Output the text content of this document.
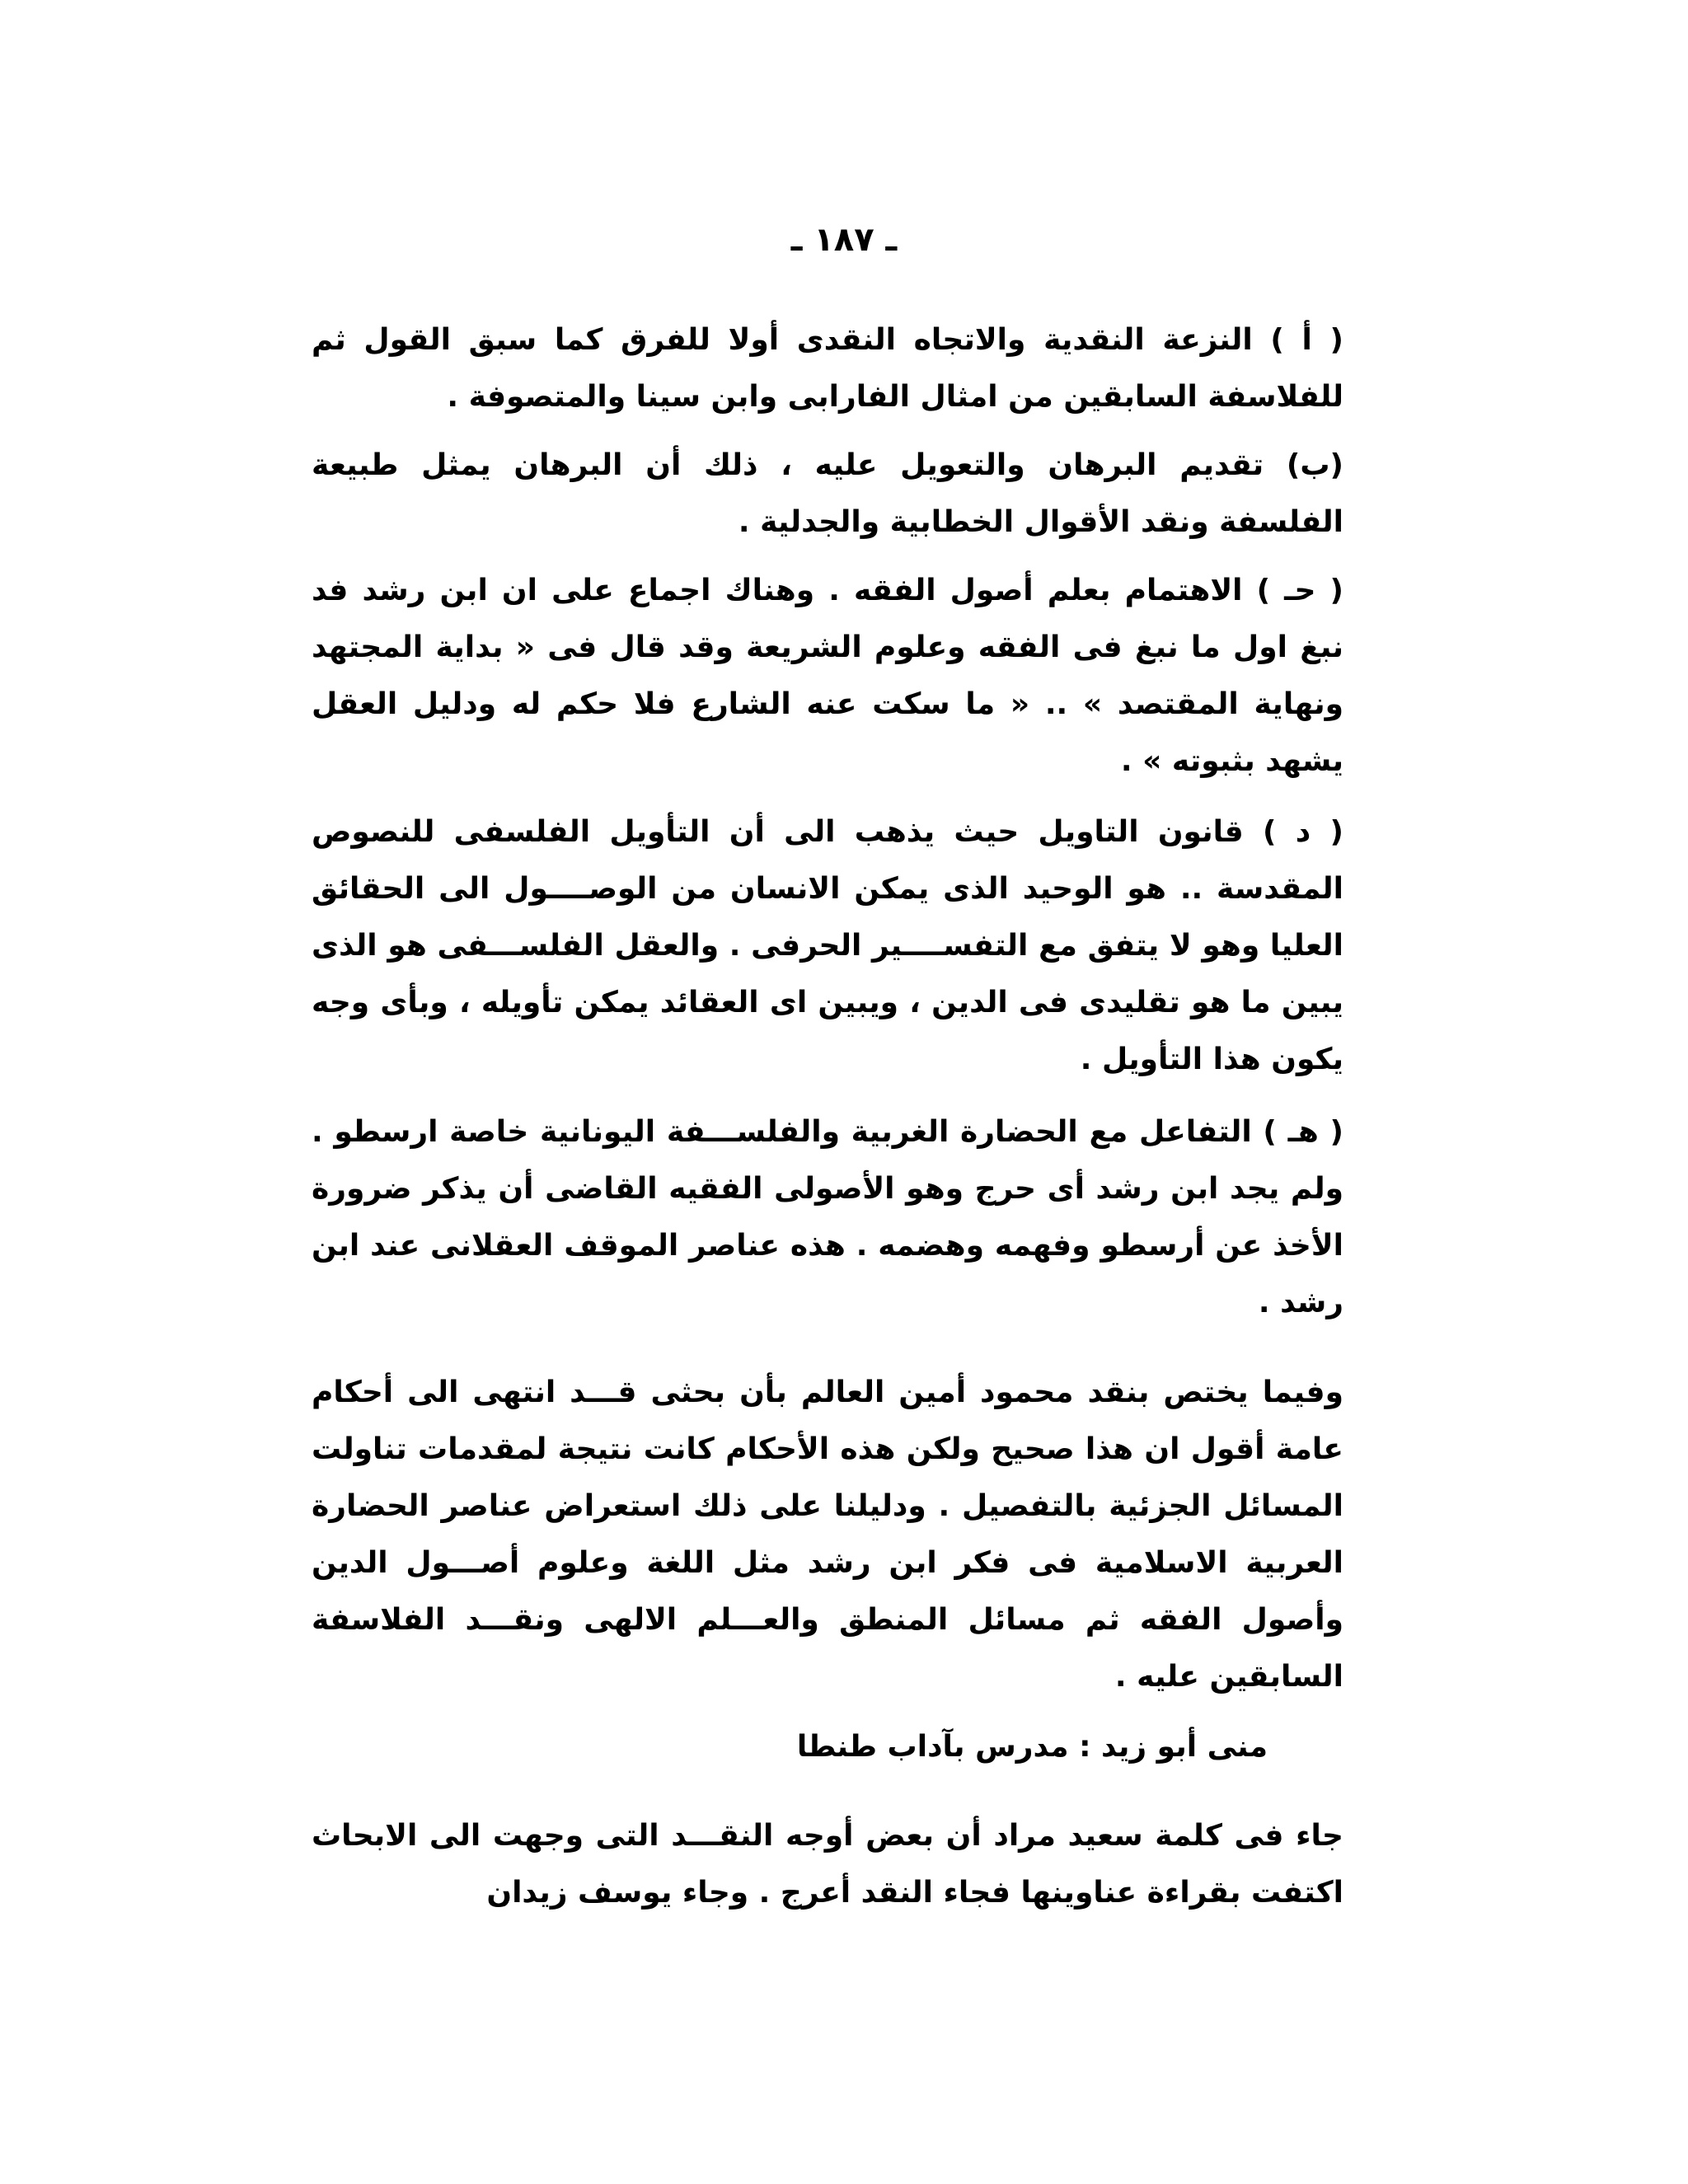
ـ ١٨٧ ـ

( أ ) النزعة النقدية والاتجاه النقدى أولا للفرق كما سبق القول ثم للفلاسفة السابقين من امثال الفارابى وابن سينا والمتصوفة .

(ب) تقديم البرهان والتعويل عليه ، ذلك أن البرهان يمثل طبيعة الفلسفة ونقد الأقوال الخطابية والجدلية .

( حـ ) الاهتمام بعلم أصول الفقه . وهناك اجماع على ان ابن رشد فد نبغ اول ما نبغ فى الفقه وعلوم الشريعة وقد قال فى « بداية المجتهد ونهاية المقتصد » .. « ما سكت عنه الشارع فلا حكم له ودليل العقل يشهد بثبوته » .

( د ) قانون التاويل حيث يذهب الى أن التأويل الفلسفى للنصوص المقدسة .. هو الوحيد الذى يمكن الانسان من الوصــــول الى الحقائق العليا وهو لا يتفق مع التفســــير الحرفى . والعقل الفلســـفى هو الذى يبين ما هو تقليدى فى الدين ، ويبين اى العقائد يمكن تأويله ، وبأى وجه يكون هذا التأويل .

( هـ ) التفاعل مع الحضارة الغربية والفلســـفة اليونانية خاصة ارسطو . ولم يجد ابن رشد أى حرج وهو الأصولى الفقيه القاضى أن يذكر ضرورة الأخذ عن أرسطو وفهمه وهضمه . هذه عناصر الموقف العقلانى عند ابن رشد .

وفيما يختص بنقد محمود أمين العالم بأن بحثى قـــد انتهى الى أحكام عامة أقول ان هذا صحيح ولكن هذه الأحكام كانت نتيجة لمقدمات تناولت المسائل الجزئية بالتفصيل . ودليلنا على ذلك استعراض عناصر الحضارة العربية الاسلامية فى فكر ابن رشد مثل اللغة وعلوم أصـــول الدين وأصول الفقه ثم مسائل المنطق والعـــلم الالهى ونقـــد الفلاسفة السابقين عليه .

منى أبو زيد : مدرس بآداب طنطا

جاء فى كلمة سعيد مراد أن بعض أوجه النقـــد التى وجهت الى الابحاث اكتفت بقراءة عناوينها فجاء النقد أعرج . وجاء يوسف زيدان
